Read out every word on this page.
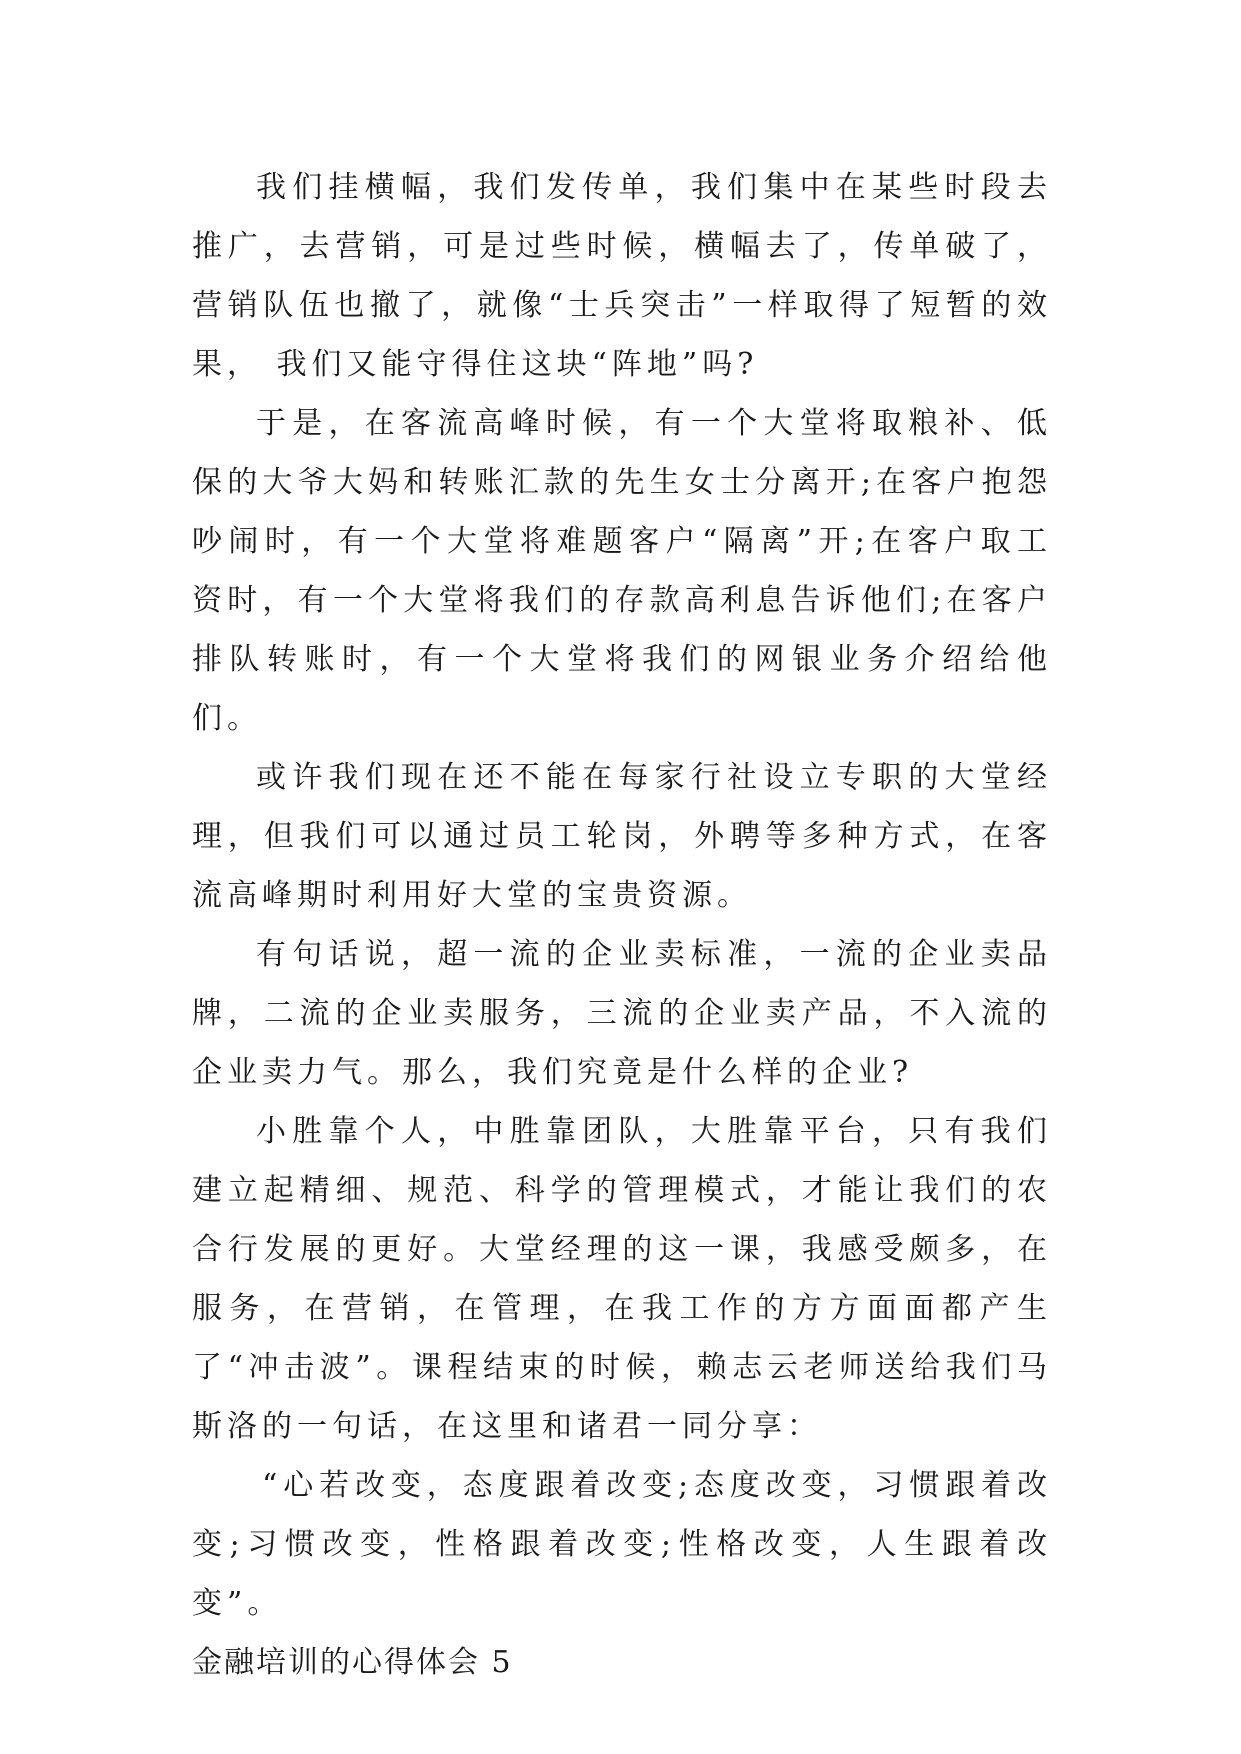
我们挂横幅，我们发传单，我们集中在某些时段去推广，去营销，可是过些时候，横幅去了，传单破了，营销队伍也撤了，就像“士兵突击”一样取得了短暂的效果， 我们又能守得住这块“阵地”吗?

于是，在客流高峰时候，有一个大堂将取粮补、低保的大爷大妈和转账汇款的先生女士分离开;在客户抱怨吵闹时，有一个大堂将难题客户“隔离”开;在客户取工资时，有一个大堂将我们的存款高利息告诉他们;在客户排队转账时，有一个大堂将我们的网银业务介绍给他们。

或许我们现在还不能在每家行社设立专职的大堂经理，但我们可以通过员工轮岗，外聘等多种方式，在客流高峰期时利用好大堂的宝贵资源。

有句话说，超一流的企业卖标准，一流的企业卖品牌，二流的企业卖服务，三流的企业卖产品，不入流的企业卖力气。那么，我们究竟是什么样的企业?

小胜靠个人，中胜靠团队，大胜靠平台，只有我们建立起精细、规范、科学的管理模式，才能让我们的农合行发展的更好。大堂经理的这一课，我感受颇多，在服务，在营销，在管理，在我工作的方方面面都产生了“冲击波”。课程结束的时候，赖志云老师送给我们马斯洛的一句话，在这里和诸君一同分享：

“心若改变，态度跟着改变;态度改变，习惯跟着改变;习惯改变，性格跟着改变;性格改变，人生跟着改变”。

金融培训的心得体会 5
